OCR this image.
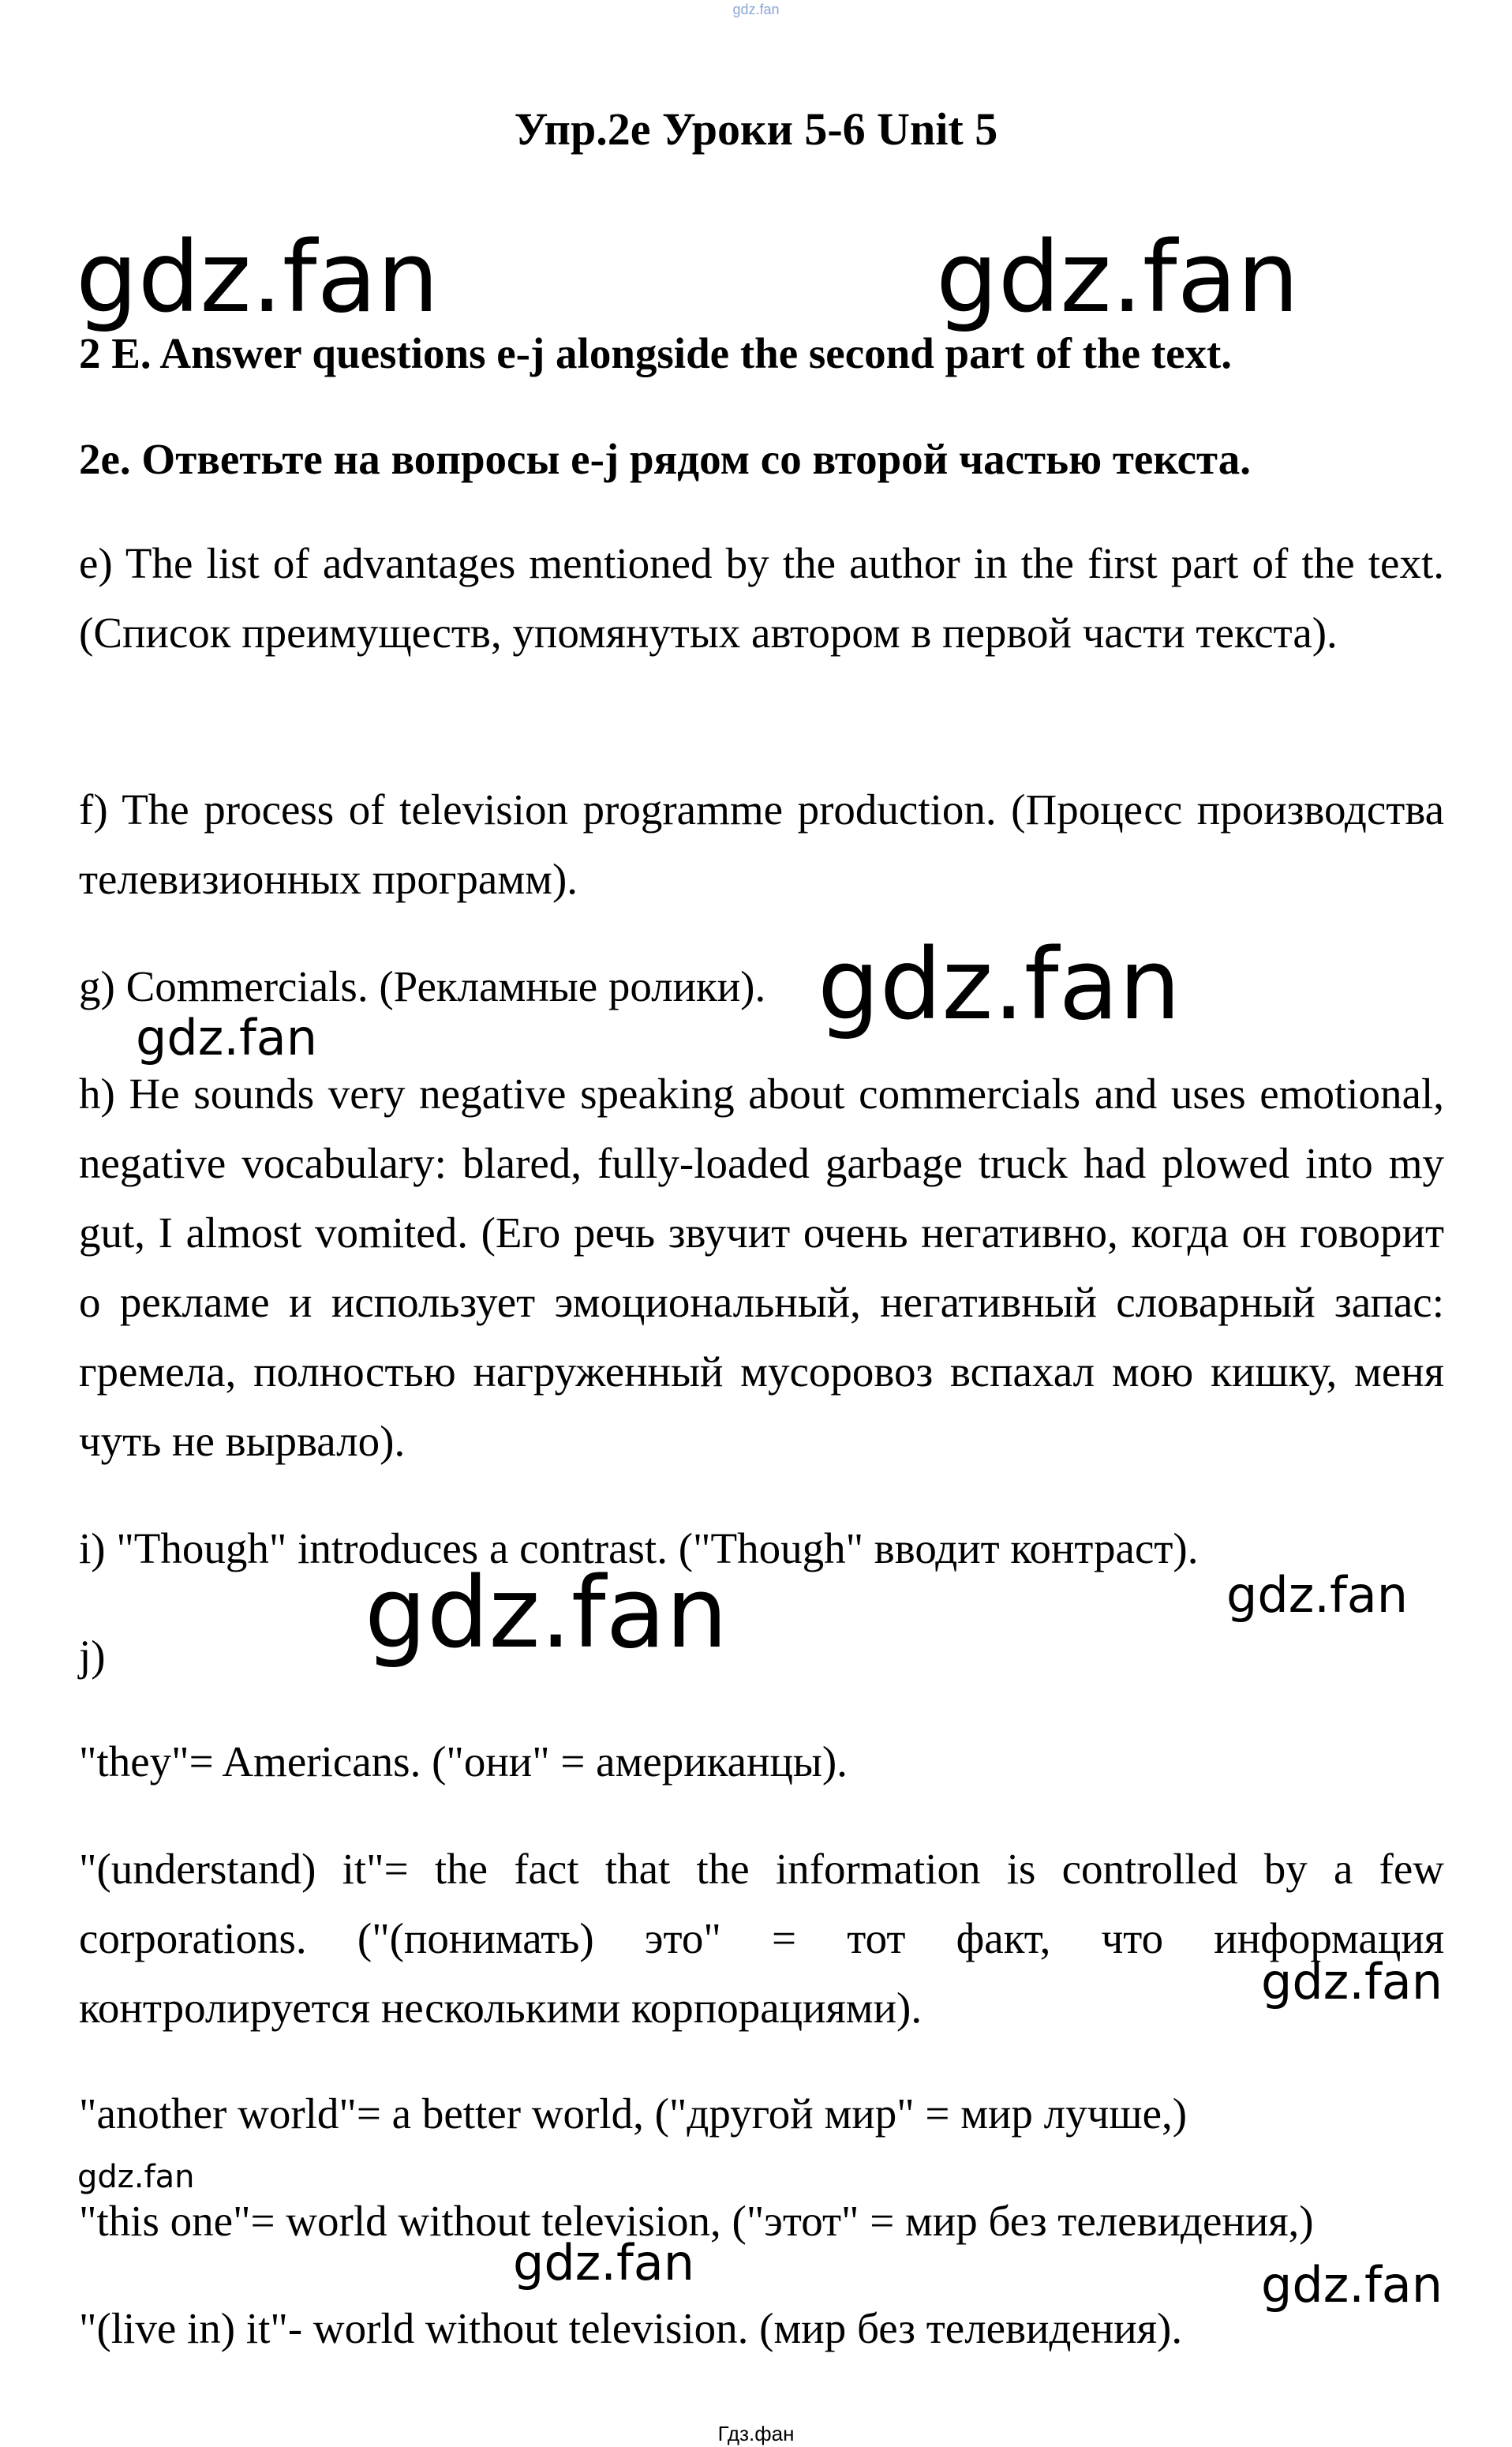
gdz.fan
Упр.2e Уроки 5-6 Unit 5
gdz.fan	gdz.fan

2 E. Answer questions e-j alongside the second part of the text.

2e. Ответьте на вопросы e-j рядом со второй частью текста.

e) The list of advantages mentioned by the author in the first part of the text. (Список преимуществ, упомянутых автором в первой части текста).

f) The process of television programme production. (Процесс производства телевизионных программ).

g) Commercials. (Рекламные ролики). gdz.fan
gdz.fan

h) He sounds very negative speaking about commercials and uses emotional, negative vocabulary: blared, fully-loaded garbage truck had plowed into my gut, I almost vomited. (Его речь звучит очень негативно, когда он говорит о рекламе и использует эмоциональный, негативный словарный запас: гремела, полностью нагруженный мусоровоз вспахал мою кишку, меня чуть не вырвало).

i) "Though" introduces a contrast. ("Though" вводит контраст).

gdz.fan	gdz.fan

j)

"they"= Americans. ("они" = американцы).

"(understand) it"= the fact that the information is controlled by a few corporations. ("(понимать) это" = тот факт, что информация контролируется несколькими корпорациями).	gdz.fan

"another world"= a better world, ("другой мир" = мир лучше,)

gdz.fan

"this one"= world without television, ("этот" = мир без телевидения,)

gdz.fan	gdz.fan

"(live in) it"- world without television. (мир без телевидения).

Гдз.фан
